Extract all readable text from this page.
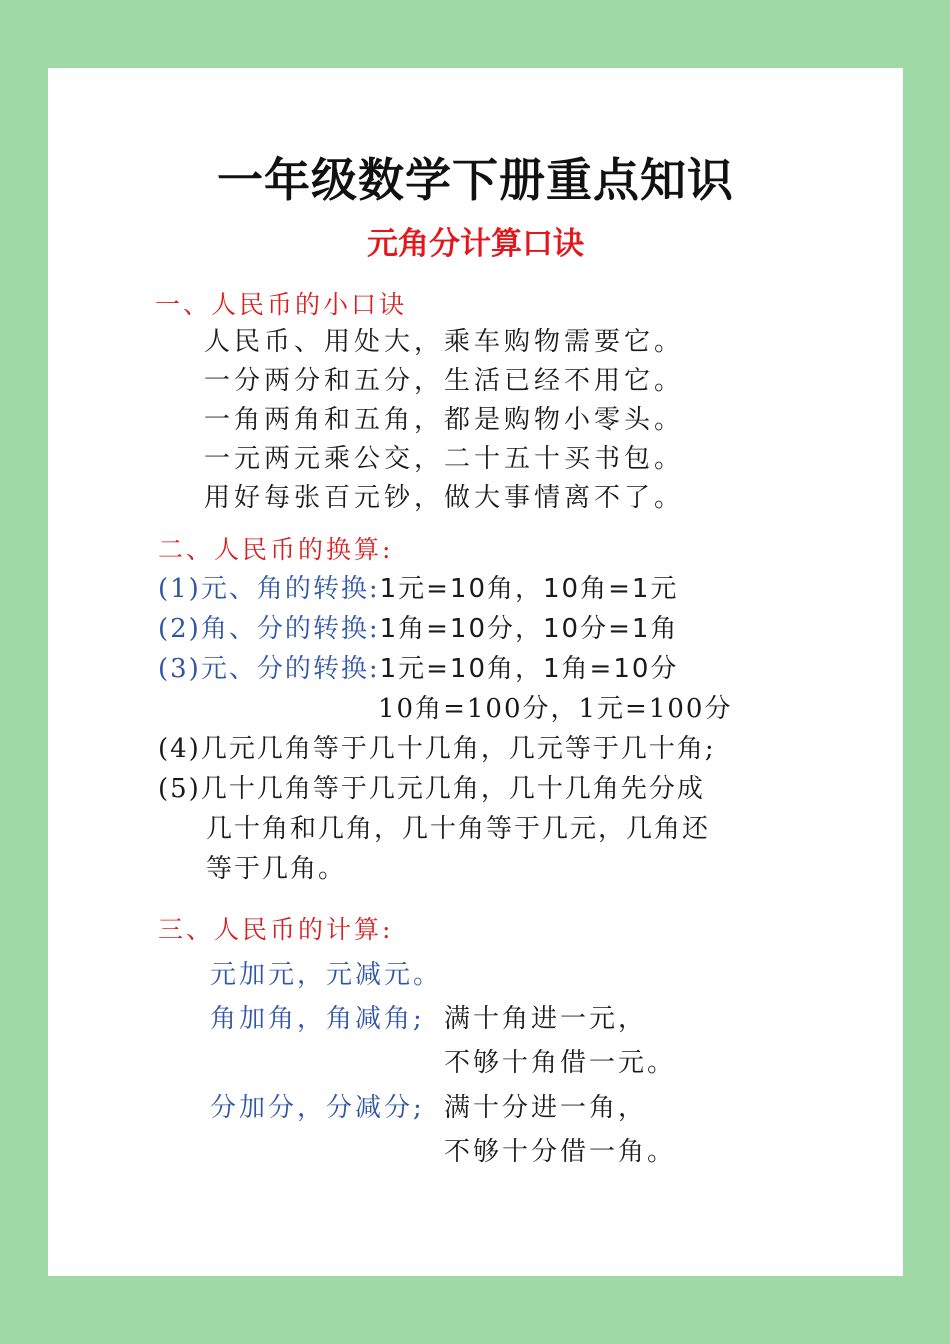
一年级数学下册重点知识
元角分计算口诀
一、人民币的小口诀
人民币、用处大，乘车购物需要它。
一分两分和五分，生活已经不用它。
一角两角和五角，都是购物小零头。
一元两元乘公交，二十五十买书包。
用好每张百元钞，做大事情离不了。
二、人民币的换算:
(1)元、角的转换:1元=10角，10角=1元
(2)角、分的转换:1角=10分，10分=1角
(3)元、分的转换:1元=10角，1角=10分
10角=100分，1元=100分
(4)几元几角等于几十几角，几元等于几十角;
(5)几十几角等于几元几角，几十几角先分成
几十角和几角，几十角等于几元，几角还
等于几角。
三、人民币的计算:
元加元，元减元。
角加角，角减角; 满十角进一元，
不够十角借一元。
分加分，分减分; 满十分进一角，
不够十分借一角。
